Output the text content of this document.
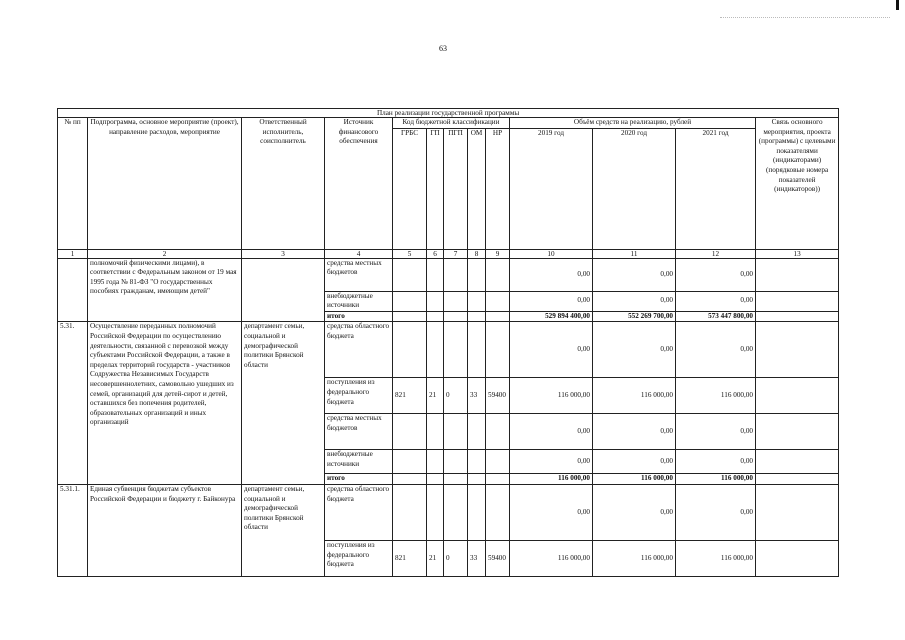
63
План реализации государственной программы												
№ пп	Подпрограмма, основное мероприятие (проект), направление расходов, мероприятие	Ответственный исполнитель, соисполнитель	Источник финансового обеспечения	Код бюджетной классификации					Объём средств на реализацию, рублей			Связь основного мероприятия, проекта (программы) с целевыми показателями (индикаторами) (порядковые номера показателей (индикаторов))
				ГРБС	ГП	ПГП	ОМ	НР	2019 год	2020 год	2021 год	
1	2	3	4	5	6	7	8	9	10	11	12	13
	полномочий физическими лицами), в соответствии с Федеральным законом от 19 мая 1995 года № 81-ФЗ "О государственных пособиях гражданам, имеющим детей"		средства местных бюджетов						0,00	0,00	0,00	
			внебюджетные источники						0,00	0,00	0,00	
			итого						529 894 400,00	552 269 700,00	573 447 800,00	
5.31.	Осуществление переданных полномочий Российской Федерации по осуществлению деятельности, связанной с перевозкой между субъектами Российской Федерации, а также в пределах территорий государств - участников Содружества Независимых Государств несовершеннолетних, самовольно ушедших из семей, организаций для детей-сирот и детей, оставшихся без попечения родителей, образовательных организаций и иных организаций	департамент семьи, социальной и демографической политики Брянской области	средства областного бюджета						0,00	0,00	0,00	
			поступления из федерального бюджета	821	21	0	33	59400	116 000,00	116 000,00	116 000,00	
			средства местных бюджетов						0,00	0,00	0,00	
			внебюджетные источники						0,00	0,00	0,00	
			итого						116 000,00	116 000,00	116 000,00	
5.31.1.	Единая субвенция бюджетам субъектов Российской Федерации и бюджету г. Байконура	департамент семьи, социальной и демографической политики Брянской области	средства областного бюджета						0,00	0,00	0,00	
			поступления из федерального бюджета	821	21	0	33	59400	116 000,00	116 000,00	116 000,00	
